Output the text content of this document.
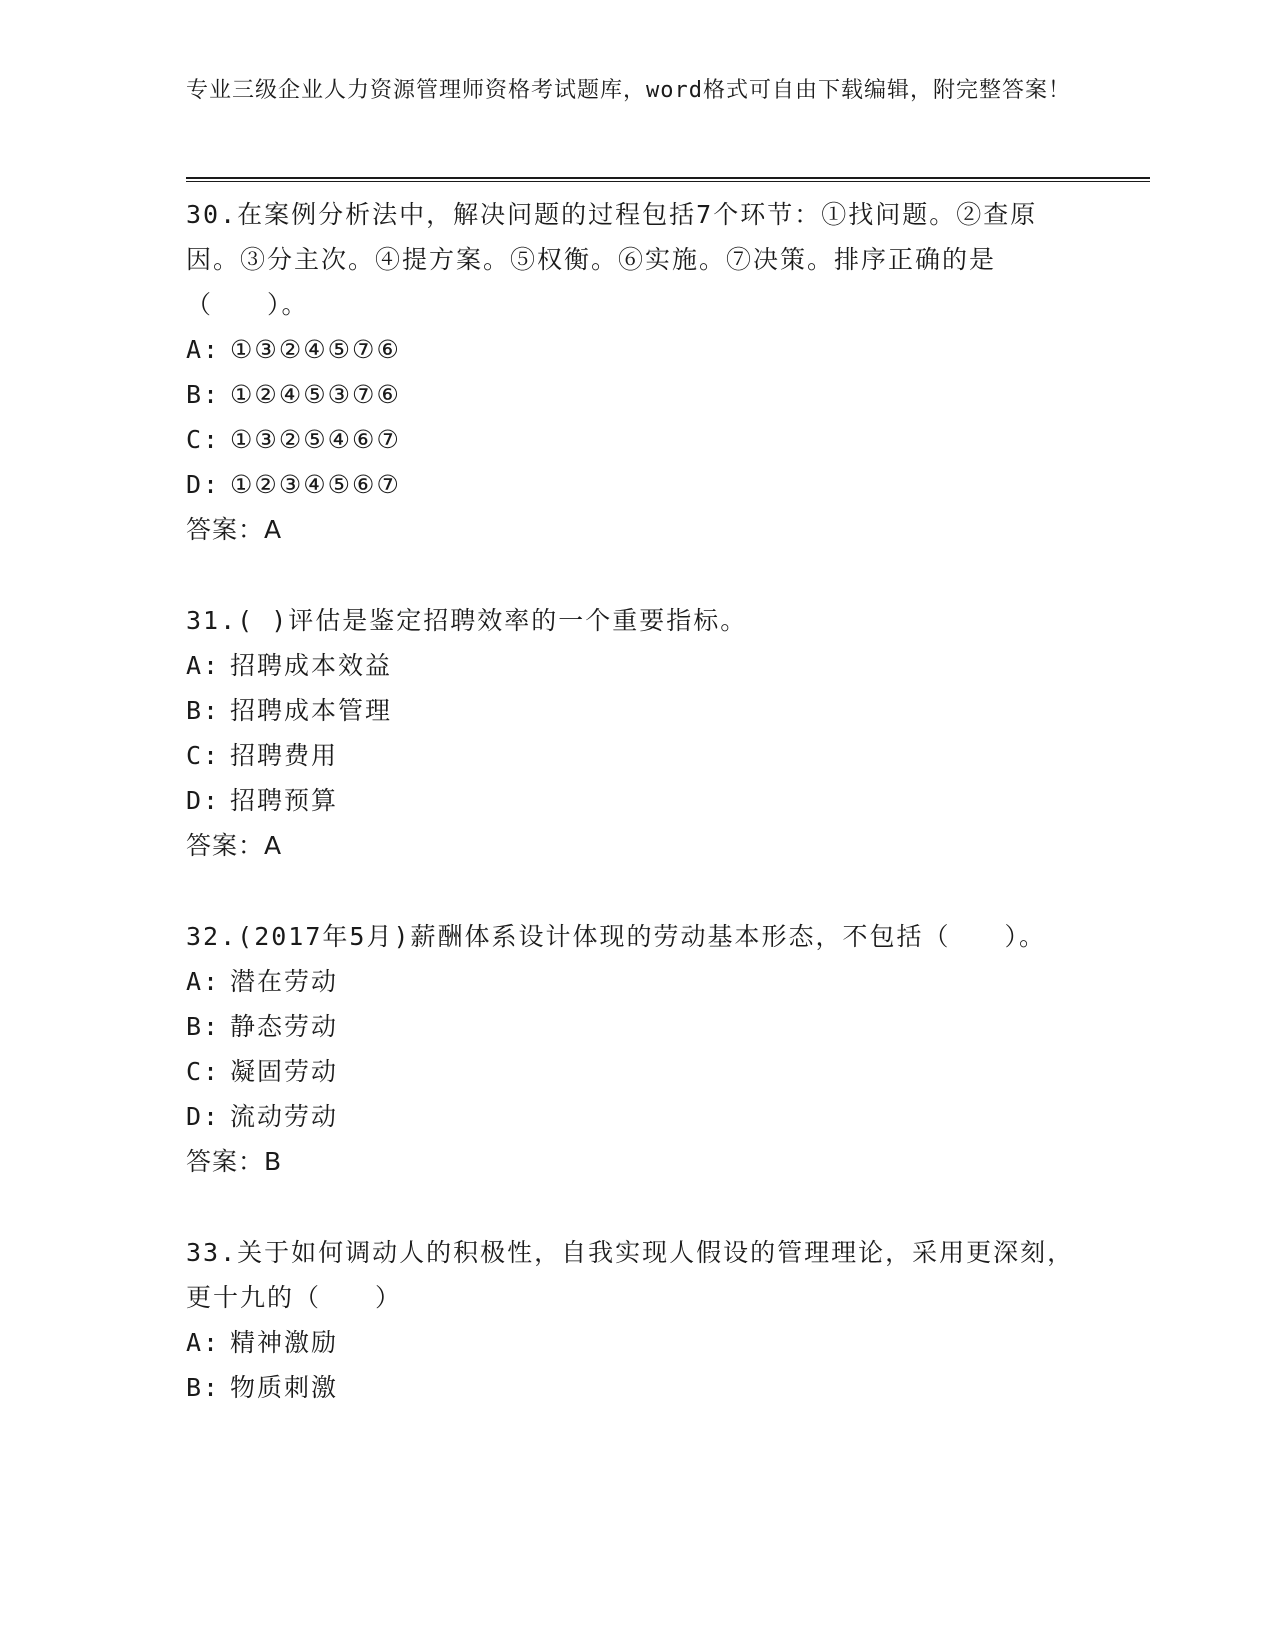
专业三级企业人力资源管理师资格考试题库，word格式可自由下载编辑，附完整答案！

30.在案例分析法中，解决问题的过程包括7个环节：①找问题。②查原因。③分主次。④提方案。⑤权衡。⑥实施。⑦决策。排序正确的是（　　）。

A: ①③②④⑤⑦⑥
B: ①②④⑤③⑦⑥
C: ①③②⑤④⑥⑦
D: ①②③④⑤⑥⑦
答案：A

31.( )评估是鉴定招聘效率的一个重要指标。

A: 招聘成本效益
B: 招聘成本管理
C: 招聘费用
D: 招聘预算
答案：A

32.(2017年5月)薪酬体系设计体现的劳动基本形态，不包括（　　）。

A: 潜在劳动
B: 静态劳动
C: 凝固劳动
D: 流动劳动
答案：B

33.关于如何调动人的积极性，自我实现人假设的管理理论，采用更深刻，更十九的（　　）

A: 精神激励
B: 物质刺激
